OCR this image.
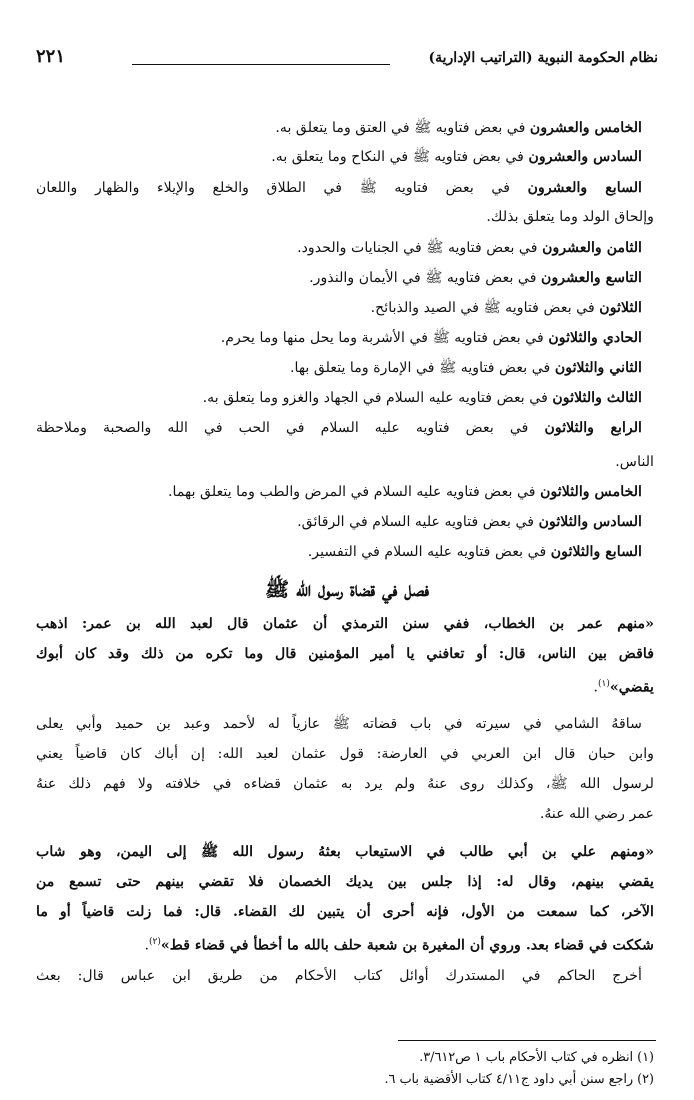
نظام الحكومة النبوية (التراتيب الإدارية)
٢٢١
الخامس والعشرون في بعض فتاويه ﷺ في العتق وما يتعلق به.
السادس والعشرون في بعض فتاويه ﷺ في النكاح وما يتعلق به.
السابع والعشرون في بعض فتاويه ﷺ في الطلاق والخلع والإيلاء والظهار واللعان
وإلحاق الولد وما يتعلق بذلك.
الثامن والعشرون في بعض فتاويه ﷺ في الجنايات والحدود.
التاسع والعشرون في بعض فتاويه ﷺ في الأيمان والنذور.
الثلاثون في بعض فتاويه ﷺ في الصيد والذبائح.
الحادي والثلاثون في بعض فتاويه ﷺ في الأشربة وما يحل منها وما يحرم.
الثاني والثلاثون في بعض فتاويه ﷺ في الإمارة وما يتعلق بها.
الثالث والثلاثون في بعض فتاويه عليه السلام في الجهاد والغزو وما يتعلق به.
الرابع والثلاثون في بعض فتاويه عليه السلام في الحب في الله والصحبة وملاحظة
الناس.
الخامس والثلاثون في بعض فتاويه عليه السلام في المرض والطب وما يتعلق بهما.
السادس والثلاثون في بعض فتاويه عليه السلام في الرقائق.
السابع والثلاثون في بعض فتاويه عليه السلام في التفسير.
فصل في قضاة رسول الله ﷺ
«منهم عمر بن الخطاب، ففي سنن الترمذي أن عثمان قال لعبد الله بن عمر: اذهب
فاقض بين الناس، قال: أو تعافني يا أمير المؤمنين قال وما تكره من ذلك وقد كان أبوك
يقضي»$^{(١)}$.
ساقهُ الشامي في سيرته في باب قضاته ﷺ عازياً له لأحمد وعبد بن حميد وأبي يعلى
وابن حبان قال ابن العربي في العارضة: قول عثمان لعبد الله: إن أباك كان قاضياً يعني
لرسول الله ﷺ، وكذلك روى عنهُ ولم يرد به عثمان قضاءه في خلافته ولا فهم ذلك عنهُ
عمر رضي الله عنهُ.
«ومنهم علي بن أبي طالب في الاستيعاب بعثهُ رسول الله ﷺ إلى اليمن، وهو شاب
يقضي بينهم، وقال له: إذا جلس بين يديك الخصمان فلا تقضي بينهم حتى تسمع من
الآخر، كما سمعت من الأول، فإنه أحرى أن يتبين لك القضاء. قال: فما زلت قاضياً أو ما
شككت في قضاء بعد. وروي أن المغيرة بن شعبة حلف بالله ما أخطأ في قضاء قط»$^{(٢)}$.
أخرج الحاكم في المستدرك أوائل كتاب الأحكام من طريق ابن عباس قال: بعث
(١) انظره في كتاب الأحكام باب ١ ص٣/٦١٢.
(٢) راجع سنن أبي داود ج٤/١١ كتاب الأقضية باب ٦.
